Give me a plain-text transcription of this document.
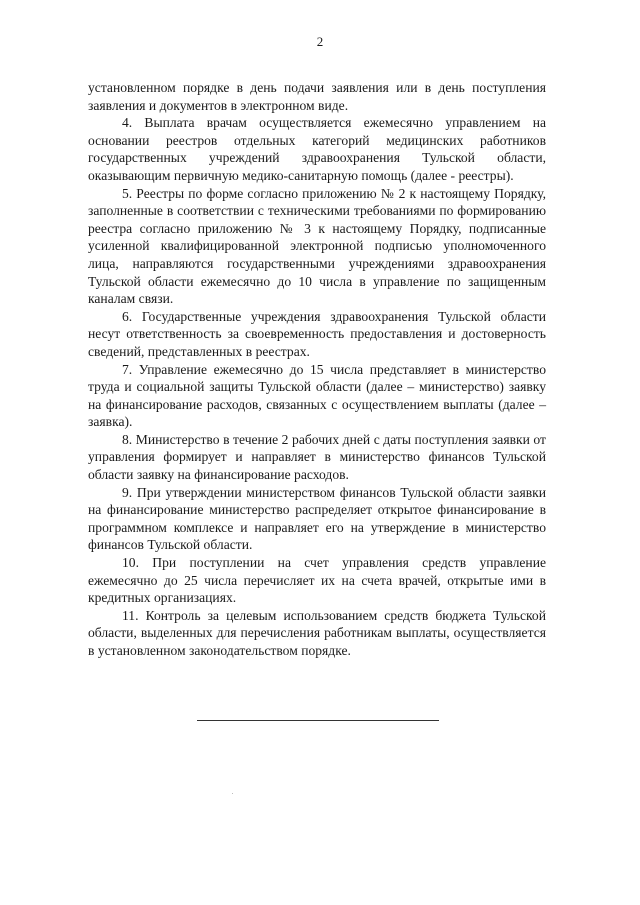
2

установленном порядке в день подачи заявления или в день поступления заявления и документов в электронном виде.

4. Выплата врачам осуществляется ежемесячно управлением на основании реестров отдельных категорий медицинских работников государственных учреждений здравоохранения Тульской области, оказывающим первичную медико-санитарную помощь (далее - реестры).

5. Реестры по форме согласно приложению № 2 к настоящему Порядку, заполненные в соответствии с техническими требованиями по формированию реестра согласно приложению № 3 к настоящему Порядку, подписанные усиленной квалифицированной электронной подписью уполномоченного лица, направляются государственными учреждениями здравоохранения Тульской области ежемесячно до 10 числа в управление по защищенным каналам связи.

6. Государственные учреждения здравоохранения Тульской области несут ответственность за своевременность предоставления и достоверность сведений, представленных в реестрах.

7. Управление ежемесячно до 15 числа представляет в министерство труда и социальной защиты Тульской области (далее – министерство) заявку на финансирование расходов, связанных с осуществлением выплаты (далее – заявка).

8. Министерство в течение 2 рабочих дней с даты поступления заявки от управления формирует и направляет в министерство финансов Тульской области заявку на финансирование расходов.

9. При утверждении министерством финансов Тульской области заявки на финансирование министерство распределяет открытое финансирование в программном комплексе и направляет его на утверждение в министерство финансов Тульской области.

10. При поступлении на счет управления средств управление ежемесячно до 25 числа перечисляет их на счета врачей, открытые ими в кредитных организациях.

11. Контроль за целевым использованием средств бюджета Тульской области, выделенных для перечисления работникам выплаты, осуществляется в установленном законодательством порядке.
